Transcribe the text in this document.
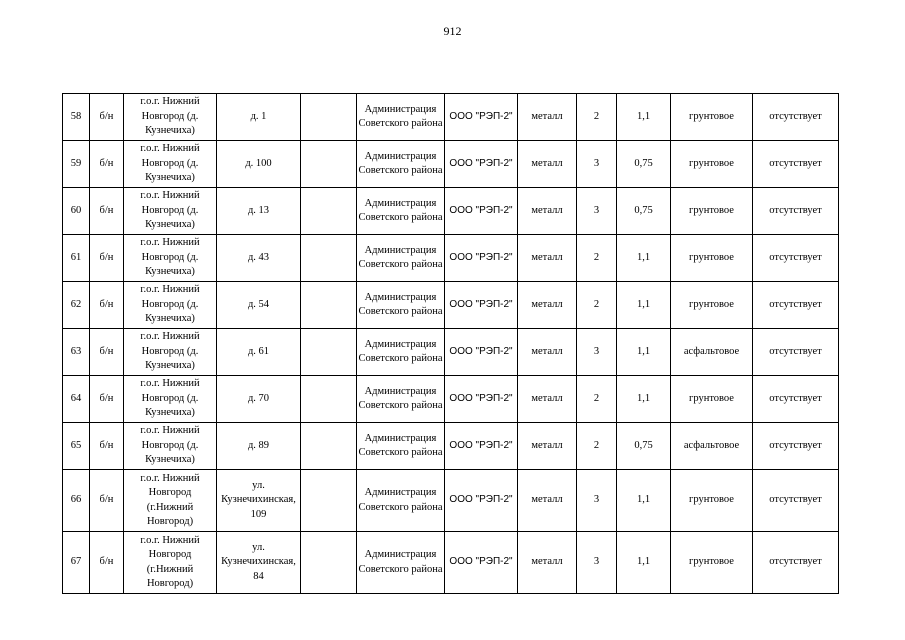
912
58	б/н	г.о.г. Нижний Новгород (д. Кузнечиха)	д. 1		Администрация Советского района	ООО "РЭП-2"	металл	2	1,1	грунтовое	отсутствует
59	б/н	г.о.г. Нижний Новгород (д. Кузнечиха)	д. 100		Администрация Советского района	ООО "РЭП-2"	металл	3	0,75	грунтовое	отсутствует
60	б/н	г.о.г. Нижний Новгород (д. Кузнечиха)	д. 13		Администрация Советского района	ООО "РЭП-2"	металл	3	0,75	грунтовое	отсутствует
61	б/н	г.о.г. Нижний Новгород (д. Кузнечиха)	д. 43		Администрация Советского района	ООО "РЭП-2"	металл	2	1,1	грунтовое	отсутствует
62	б/н	г.о.г. Нижний Новгород (д. Кузнечиха)	д. 54		Администрация Советского района	ООО "РЭП-2"	металл	2	1,1	грунтовое	отсутствует
63	б/н	г.о.г. Нижний Новгород (д. Кузнечиха)	д. 61		Администрация Советского района	ООО "РЭП-2"	металл	3	1,1	асфальтовое	отсутствует
64	б/н	г.о.г. Нижний Новгород (д. Кузнечиха)	д. 70		Администрация Советского района	ООО "РЭП-2"	металл	2	1,1	грунтовое	отсутствует
65	б/н	г.о.г. Нижний Новгород (д. Кузнечиха)	д. 89		Администрация Советского района	ООО "РЭП-2"	металл	2	0,75	асфальтовое	отсутствует
66	б/н	г.о.г. Нижний Новгород (г.Нижний Новгород)	ул. Кузнечихинская, 109		Администрация Советского района	ООО "РЭП-2"	металл	3	1,1	грунтовое	отсутствует
67	б/н	г.о.г. Нижний Новгород (г.Нижний Новгород)	ул. Кузнечихинская, 84		Администрация Советского района	ООО "РЭП-2"	металл	3	1,1	грунтовое	отсутствует
